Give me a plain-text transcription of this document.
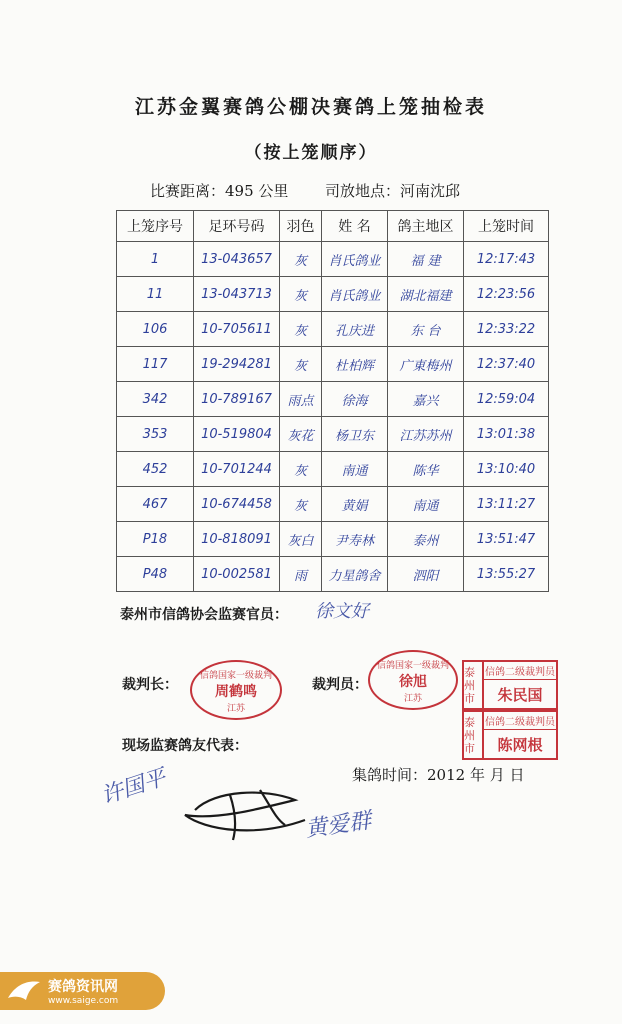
江苏金翼赛鸽公棚决赛鸽上笼抽检表
（按上笼顺序）
比赛距离：495 公里 司放地点：河南沈邱
上笼序号	足环号码	羽色	姓 名	鸽主地区	上笼时间
1	13-043657	灰	肖氏鸽业	福 建	12:17:43
11	13-043713	灰	肖氏鸽业	湖北福建	12:23:56
106	10-705611	灰	孔庆进	东 台	12:33:22
117	19-294281	灰	杜柏辉	广東梅州	12:37:40
342	10-789167	雨点	徐海	嘉兴	12:59:04
353	10-519804	灰花	杨卫东	江苏苏州	13:01:38
452	10-701244	灰	南通	陈华	13:10:40
467	10-674458	灰	黄娟	南通	13:11:27
P18	10-818091	灰白	尹寿林	泰州	13:51:47
P48	10-002581	雨	力星鸽舍	泗阳	13:55:27
泰州市信鸽协会监赛官员： 徐文好
裁判长：
信鸽国家一级裁判
周鹤鸣
江苏
裁判员：
信鸽国家一级裁判
徐旭
江苏
泰州市
信鸽二级裁判员
朱民国
泰州市
信鸽二级裁判员
陈网根
现场监赛鸽友代表：
许国平
黄爱群
集鸽时间：2012 年 月 日
赛鸽资讯网
www.saige.com
